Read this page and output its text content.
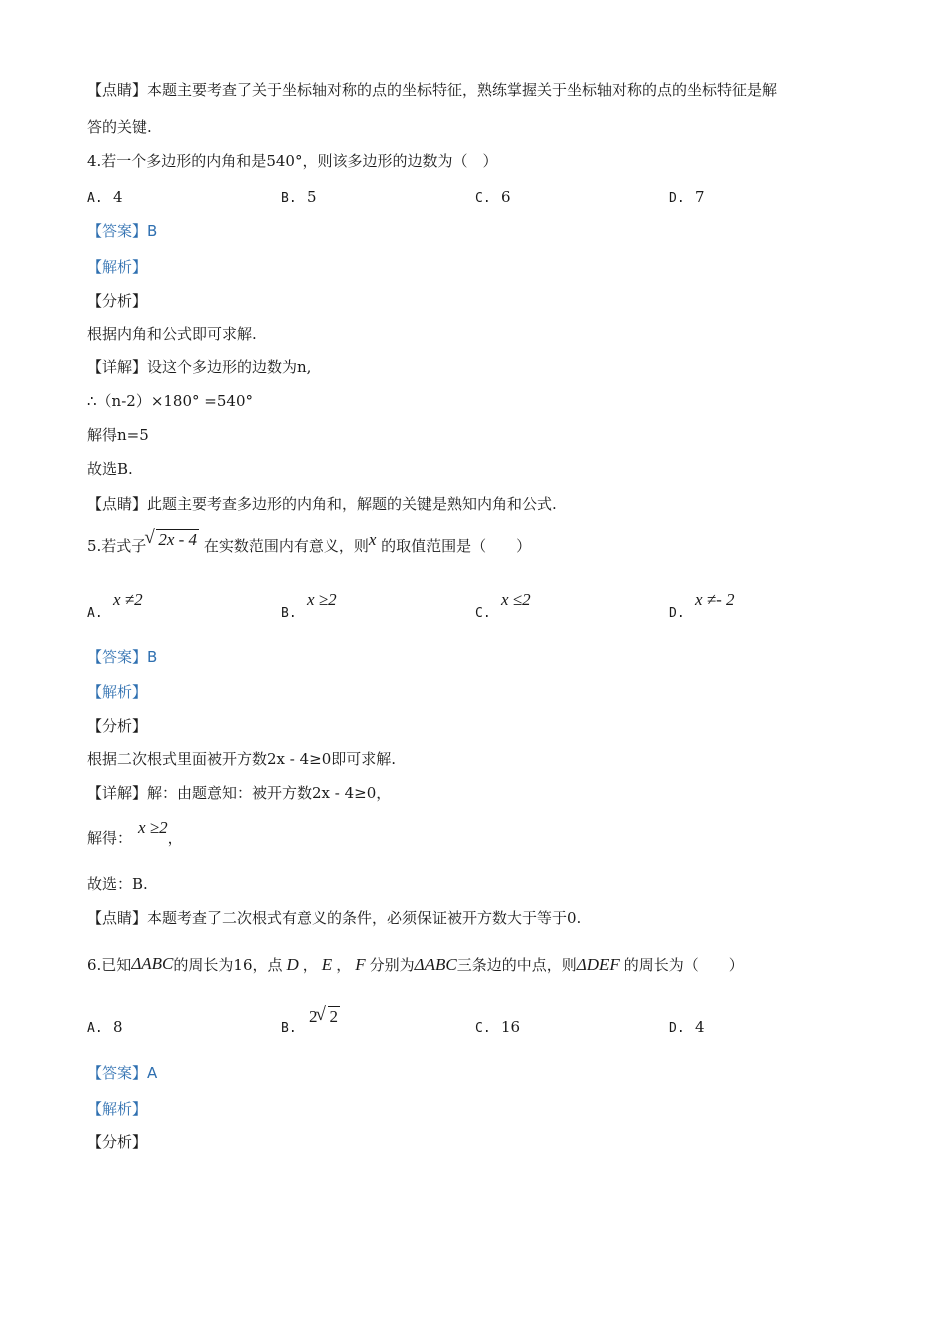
【点睛】本题主要考查了关于坐标轴对称的点的坐标特征，熟练掌握关于坐标轴对称的点的坐标特征是解
答的关键.
4.若一个多边形的内角和是540°，则该多边形的边数为（　）
A. 4	B. 5	C. 6	D. 7
【答案】B
【解析】
【分析】
根据内角和公式即可求解.
【详解】设这个多边形的边数为n,
∴（n-2）×180° =540°
解得n=5
故选B.
【点睛】此题主要考查多边形的内角和，解题的关键是熟知内角和公式.
5.若式子 √ 2x - 4 在实数范围内有意义，则x 的取值范围是（　　）
A.x ≠2
B.x ≥2
C.x ≤2
D.x ≠- 2
【答案】B
【解析】
【分析】
根据二次根式里面被开方数2x - 4≥0即可求解.
【详解】解：由题意知：被开方数2x - 4≥0，
解得：x ≥2，
故选：B.
【点睛】本题考查了二次根式有意义的条件，必须保证被开方数大于等于0.
6.已知ΔABC的周长为16，点 D ， E ， F 分别为ΔABC三条边的中点，则ΔDEF 的周长为（　　）
A. 8	B.2 √ 2
C. 16	D. 4
【答案】A
【解析】
【分析】
